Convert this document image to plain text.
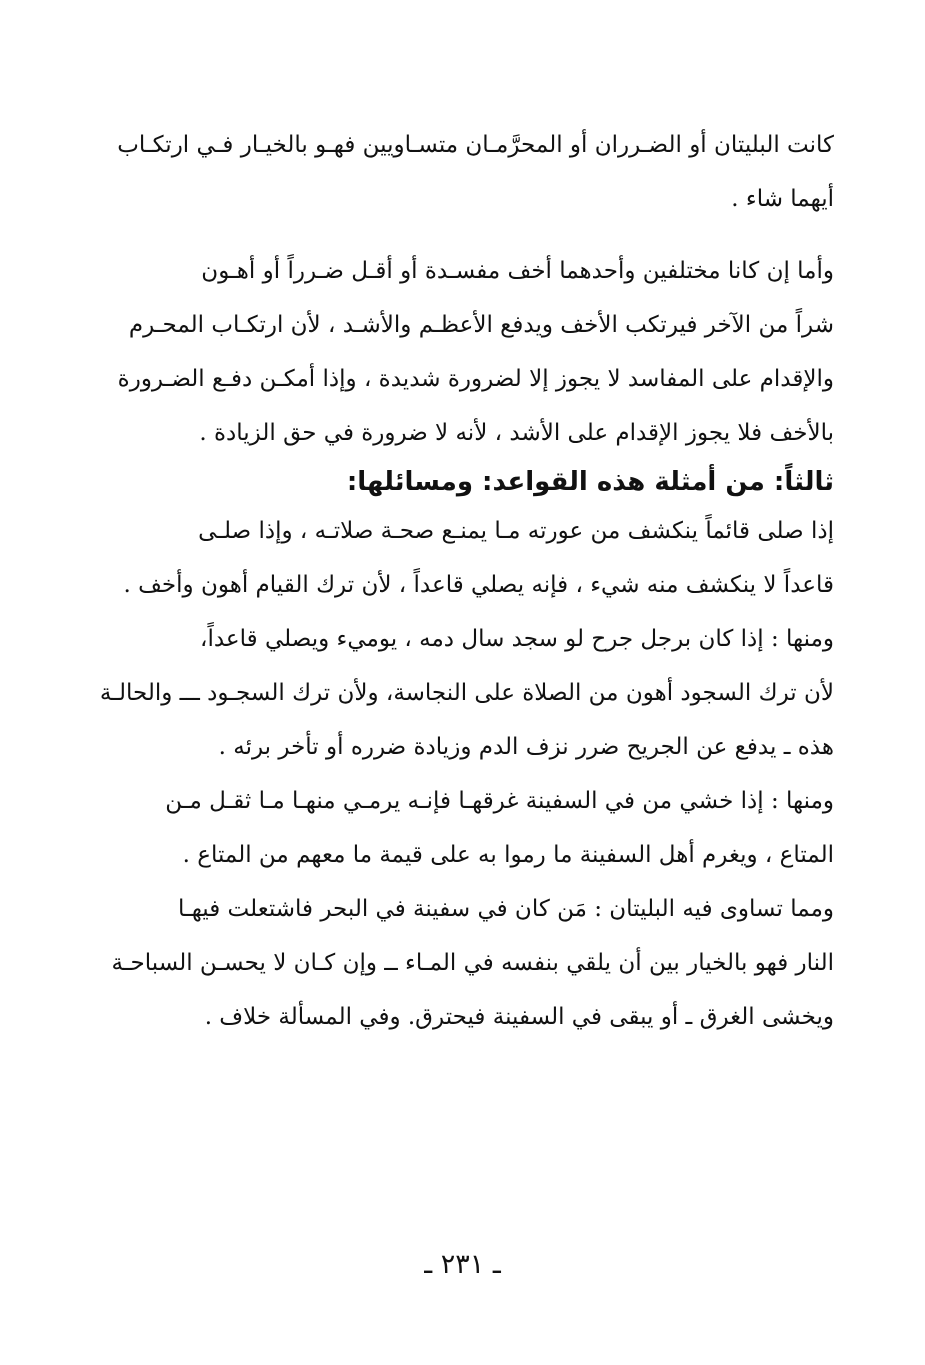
كانت البليتان أو الضـرران أو المحرَّمـان متسـاويين فهـو بالخيـار فـي ارتكـاب
أيهما شاء .

وأما إن كانا مختلفين وأحدهما أخف مفسـدة أو أقـل ضـرراً أو أهـون
شراً من الآخر فيرتكب الأخف ويدفع الأعظـم والأشـد ، لأن ارتكـاب المحـرم
والإقدام على المفاسد لا يجوز إلا لضرورة شديدة ، وإذا أمكـن دفـع الضـرورة
بالأخف فلا يجوز الإقدام على الأشد ، لأنه لا ضرورة في حق الزيادة .

ثالثاً: من أمثلة هذه القواعد: ومسائلها:

إذا صلى قائماً ينكشف من عورته مـا يمنـع صحـة صلاتـه ، وإذا صلـى
قاعداً لا ينكشف منه شيء ، فإنه يصلي قاعداً ، لأن ترك القيام أهون وأخف .

ومنها : إذا كان برجل جرح لو سجد سال دمه ، يوميء ويصلي قاعداً،
لأن ترك السجود أهون من الصلاة على النجاسة، ولأن ترك السجـود ـــ والحالـة
هذه ـ يدفع عن الجريح ضرر نزف الدم وزيادة ضرره أو تأخر برئه .

ومنها : إذا خشي من في السفينة غرقهـا فإنـه يرمـي منهـا مـا ثقـل مـن
المتاع ، ويغرم أهل السفينة ما رموا به على قيمة ما معهم من المتاع .

ومما تساوى فيه البليتان : مَن كان في سفينة في البحر فاشتعلت فيهـا
النار فهو بالخيار بين أن يلقي بنفسه في المـاء ــ وإن كـان لا يحسـن السباحـة
ويخشى الغرق ـ أو يبقى في السفينة فيحترق. وفي المسألة خلاف .

ـ ٢٣١ ـ
